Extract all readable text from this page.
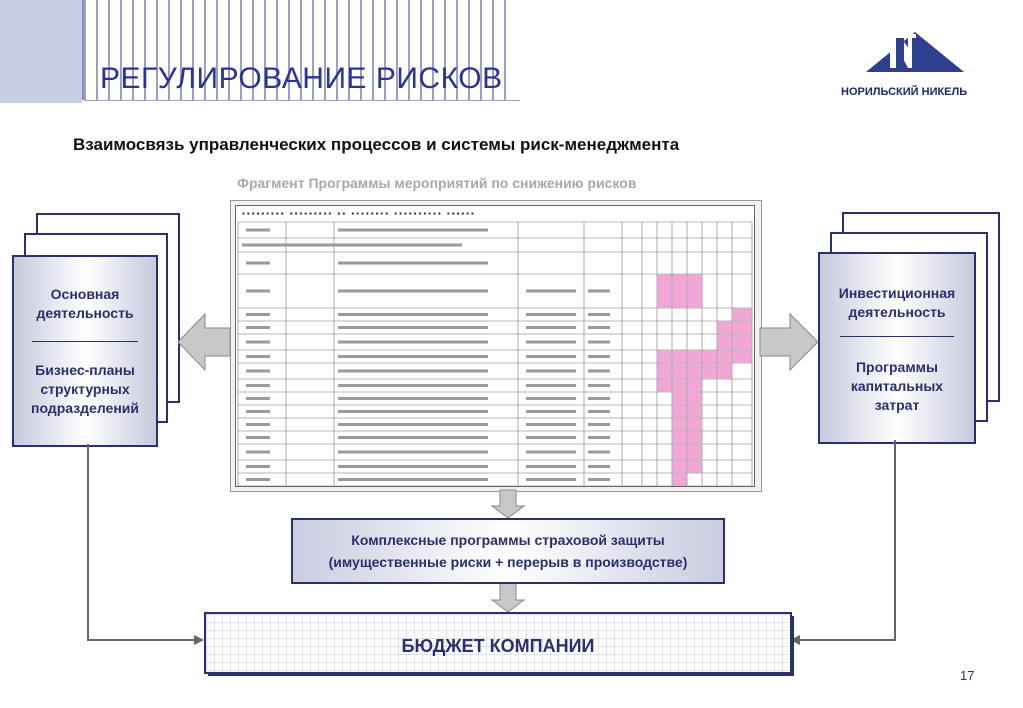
РЕГУЛИРОВАНИЕ РИСКОВ	НОРИЛЬСКИЙ НИКЕЛЬ
Взаимосвязь управленческих процессов и системы риск-менеджмента
Фрагмент Программы мероприятий по снижению рисков
Основная
деятельность
Бизнес-планы
структурных
подразделений
Инвестиционная
деятельность
Программы
капитальных
затрат
▪▪▪▪▪▪▪▪▪ ▪▪▪▪▪▪▪▪▪ ▪▪ ▪▪▪▪▪▪▪▪ ▪▪▪▪▪▪▪▪▪▪ ▪▪▪▪▪▪
Комплексные программы страховой защиты
(имущественные риски + перерыв в производстве)
БЮДЖЕТ КОМПАНИИ
17
